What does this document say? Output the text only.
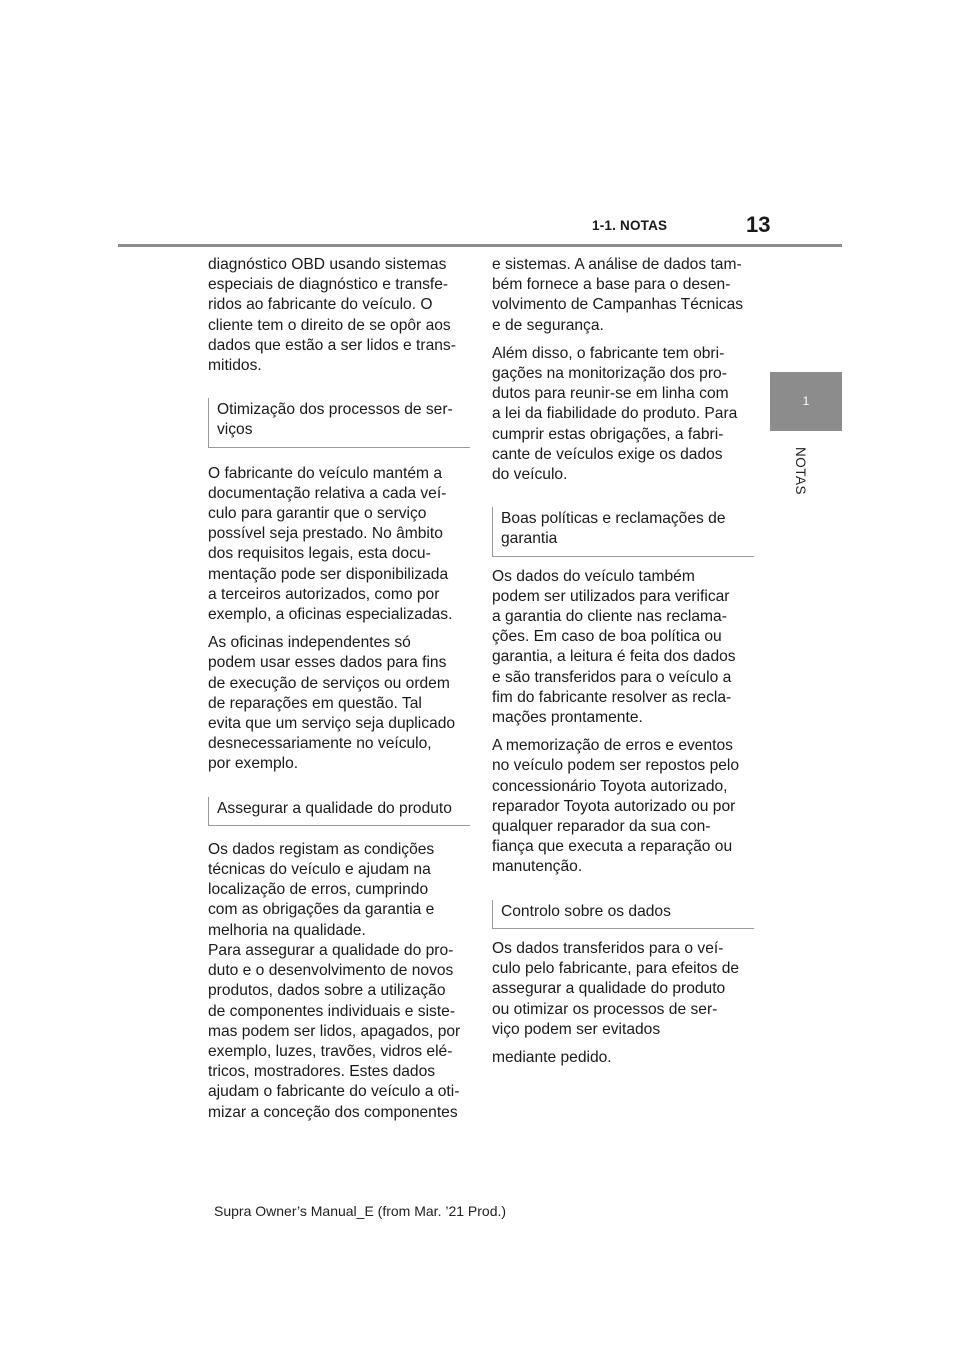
1-1. NOTAS	13
1
NOTAS
diagnóstico OBD usando sistemas
especiais de diagnóstico e transfe-
ridos ao fabricante do veículo. O
cliente tem o direito de se opôr aos
dados que estão a ser lidos e trans-
mitidos.
Otimização dos processos de ser-
viços
O fabricante do veículo mantém a
documentação relativa a cada veí-
culo para garantir que o serviço
possível seja prestado. No âmbito
dos requisitos legais, esta docu-
mentação pode ser disponibilizada
a terceiros autorizados, como por
exemplo, a oficinas especializadas.
As oficinas independentes só
podem usar esses dados para fins
de execução de serviços ou ordem
de reparações em questão. Tal
evita que um serviço seja duplicado
desnecessariamente no veículo,
por exemplo.
Assegurar a qualidade do produto
Os dados registam as condições
técnicas do veículo e ajudam na
localização de erros, cumprindo
com as obrigações da garantia e
melhoria na qualidade.
Para assegurar a qualidade do pro-
duto e o desenvolvimento de novos
produtos, dados sobre a utilização
de componentes individuais e siste-
mas podem ser lidos, apagados, por
exemplo, luzes, travões, vidros elé-
tricos, mostradores. Estes dados
ajudam o fabricante do veículo a oti-
mizar a conceção dos componentes
e sistemas. A análise de dados tam-
bém fornece a base para o desen-
volvimento de Campanhas Técnicas
e de segurança.
Além disso, o fabricante tem obri-
gações na monitorização dos pro-
dutos para reunir-se em linha com
a lei da fiabilidade do produto. Para
cumprir estas obrigações, a fabri-
cante de veículos exige os dados
do veículo.
Boas políticas e reclamações de
garantia
Os dados do veículo também
podem ser utilizados para verificar
a garantia do cliente nas reclama-
ções. Em caso de boa política ou
garantia, a leitura é feita dos dados
e são transferidos para o veículo a
fim do fabricante resolver as recla-
mações prontamente.
A memorização de erros e eventos
no veículo podem ser repostos pelo
concessionário Toyota autorizado,
reparador Toyota autorizado ou por
qualquer reparador da sua con-
fiança que executa a reparação ou
manutenção.
Controlo sobre os dados
Os dados transferidos para o veí-
culo pelo fabricante, para efeitos de
assegurar a qualidade do produto
ou otimizar os processos de ser-
viço podem ser evitados
mediante pedido.
Supra Owner’s Manual_E (from Mar. ’21 Prod.)
